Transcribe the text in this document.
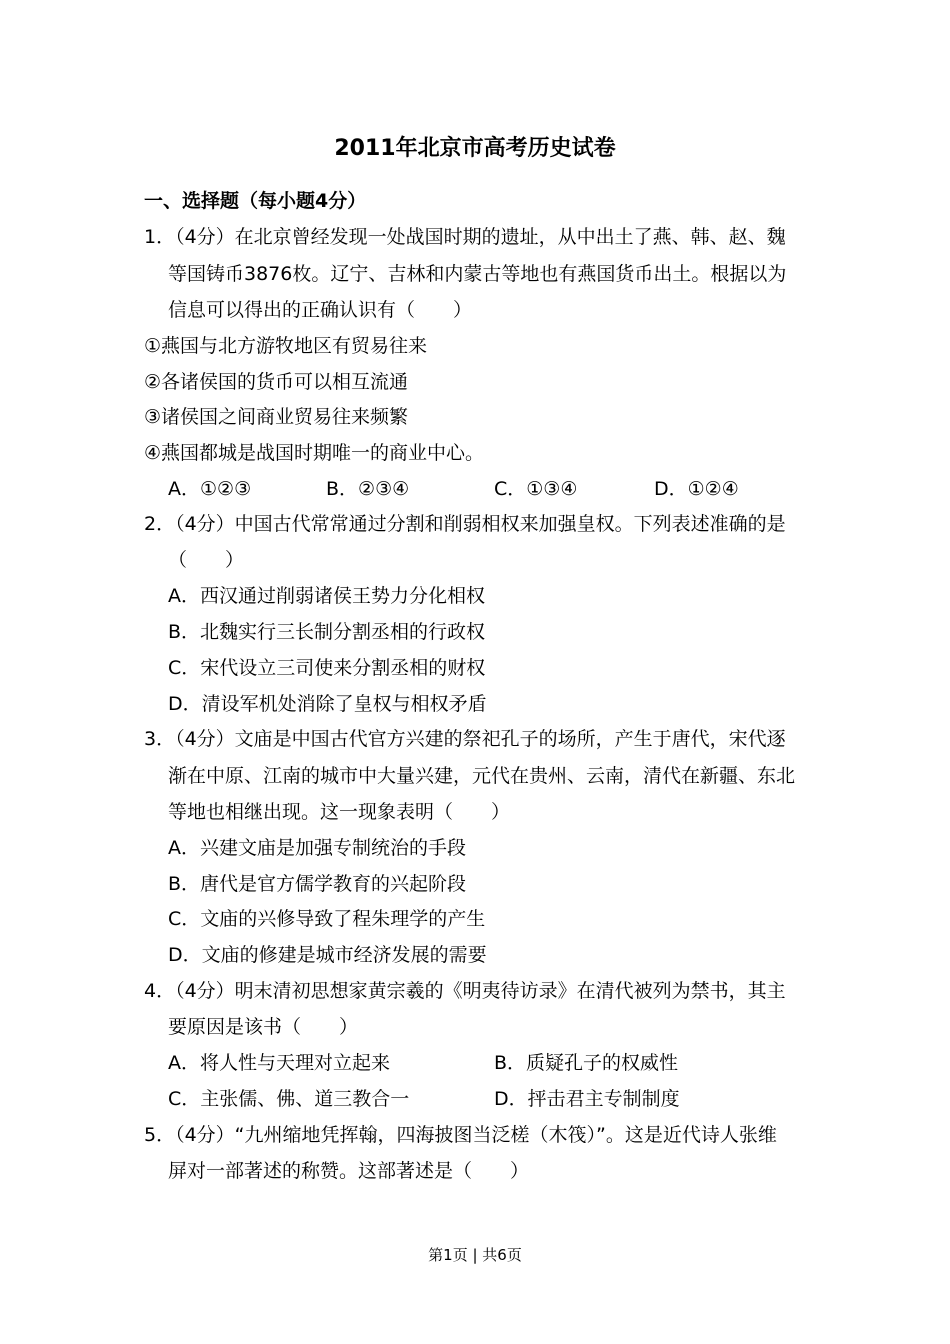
2011年北京市高考历史试卷
一、选择题（每小题4分）
1．（4分）在北京曾经发现一处战国时期的遗址，从中出土了燕、韩、赵、魏
等国铸币3876枚。辽宁、吉林和内蒙古等地也有燕国货币出土。根据以为
信息可以得出的正确认识有（　　）
①燕国与北方游牧地区有贸易往来
②各诸侯国的货币可以相互流通
③诸侯国之间商业贸易往来频繁
④燕国都城是战国时期唯一的商业中心。
A．①②③	B．②③④	C．①③④	D．①②④
2．（4分）中国古代常常通过分割和削弱相权来加强皇权。下列表述准确的是
（　　）
A．西汉通过削弱诸侯王势力分化相权
B．北魏实行三长制分割丞相的行政权
C．宋代设立三司使来分割丞相的财权
D．清设军机处消除了皇权与相权矛盾
3．（4分）文庙是中国古代官方兴建的祭祀孔子的场所，产生于唐代，宋代逐
渐在中原、江南的城市中大量兴建，元代在贵州、云南，清代在新疆、东北
等地也相继出现。这一现象表明（　　）
A．兴建文庙是加强专制统治的手段
B．唐代是官方儒学教育的兴起阶段
C．文庙的兴修导致了程朱理学的产生
D．文庙的修建是城市经济发展的需要
4．（4分）明末清初思想家黄宗羲的《明夷待访录》在清代被列为禁书，其主
要原因是该书（　　）
A．将人性与天理对立起来	B．质疑孔子的权威性
C．主张儒、佛、道三教合一	D．抨击君主专制制度
5．（4分）“九州缩地凭挥翰，四海披图当泛槎（木筏）”。这是近代诗人张维
屏对一部著述的称赞。这部著述是（　　）
第1页 | 共6页
